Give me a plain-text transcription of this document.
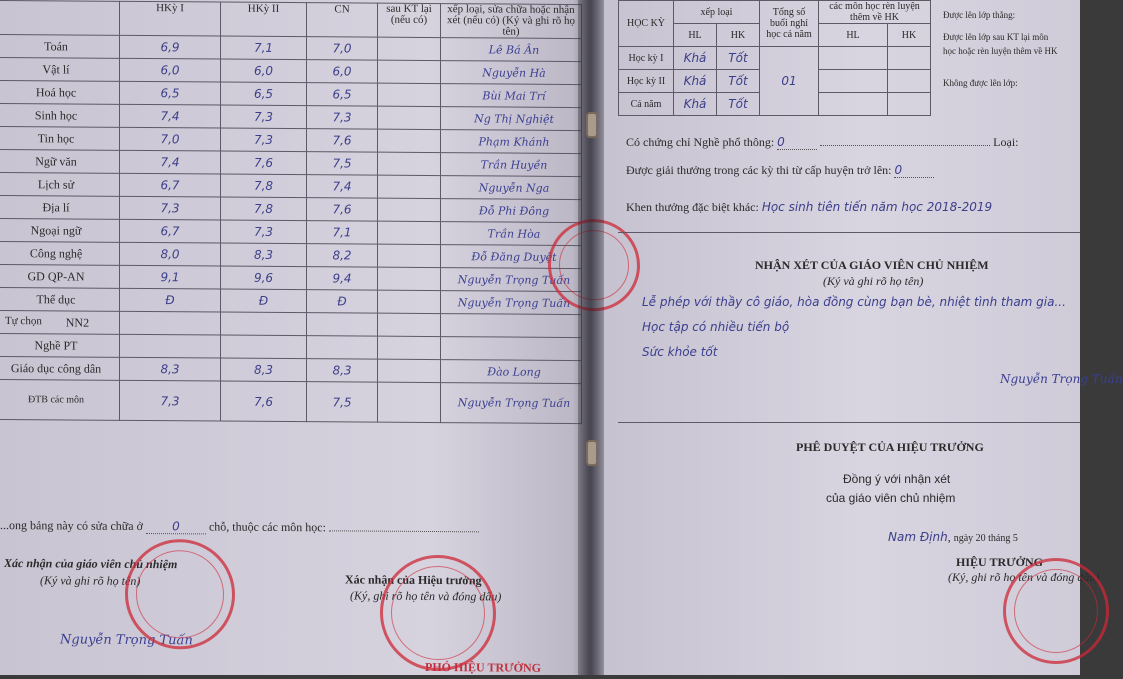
	HKỳ I	HKỳ II	CN	sau KT lại (nếu có)	xếp loại, sửa chữa hoặc nhận xét (nếu có) (Ký và ghi rõ họ tên)
Toán	6,9	7,1	7,0		Lê Bá Ân
Vật lí	6,0	6,0	6,0		Nguyễn Hà
Hoá học	6,5	6,5	6,5		Bùi Mai Trí
Sinh học	7,4	7,3	7,3		Ng Thị Nghiệt
Tin học	7,0	7,3	7,6		Phạm Khánh
Ngữ văn	7,4	7,6	7,5		Trần Huyền
Lịch sử	6,7	7,8	7,4		Nguyễn Nga
Địa lí	7,3	7,8	7,6		Đỗ Phi Đông
Ngoại ngữ	6,7	7,3	7,1		Trần Hòa
Công nghệ	8,0	8,3	8,2		Đỗ Đăng Duyệt
GD QP-AN	9,1	9,6	9,4		Nguyễn Trọng Tuấn
Thể dục	Đ	Đ	Đ		Nguyễn Trọng Tuấn

Tự chọn NN2					
Nghề PT					
Giáo dục công dân	8,3	8,3	8,3		Đào Long
ĐTB các môn	7,3	7,6	7,5		Nguyễn Trọng Tuấn
...ong bảng này có sửa chữa ở 0 chỗ, thuộc các môn học:
Xác nhận của giáo viên chủ nhiệm
(Ký và ghi rõ họ tên)
Nguyễn Trọng Tuấn
Xác nhận của Hiệu trưởng
(Ký, ghi rõ họ tên và đóng dấu)
PHÓ HIỆU TRƯỞNG
HỌC KỲ	xếp loại		Tổng số buổi nghỉ học cả năm	các môn học rèn luyện thêm về HK	
	HL	HK		HL	HK
Học kỳ I	Khá	Tốt	01		
Học kỳ II	Khá	Tốt			
Cả năm	Khá	Tốt			
Được lên lớp thẳng:
Được lên lớp sau KT lại môn
học hoặc rèn luyện thêm về HK
Không được lên lớp:
Có chứng chỉ Nghề phổ thông: 0	Loại:
Được giải thưởng trong các kỳ thi từ cấp huyện trở lên: 0
Khen thưởng đặc biệt khác: Học sinh tiên tiến năm học 2018-2019
NHẬN XÉT CỦA GIÁO VIÊN CHỦ NHIỆM
(Ký và ghi rõ họ tên)
Lễ phép với thầy cô giáo, hòa đồng cùng bạn bè, nhiệt tình tham gia...
Học tập có nhiều tiến bộ
Sức khỏe tốt
Nguyễn Trọng Tuấn
PHÊ DUYỆT CỦA HIỆU TRƯỞNG
Đồng ý với nhận xét
của giáo viên chủ nhiệm
Nam Định, ngày 20 tháng 5
HIỆU TRƯỞNG
(Ký, ghi rõ họ tên và đóng dấu)
